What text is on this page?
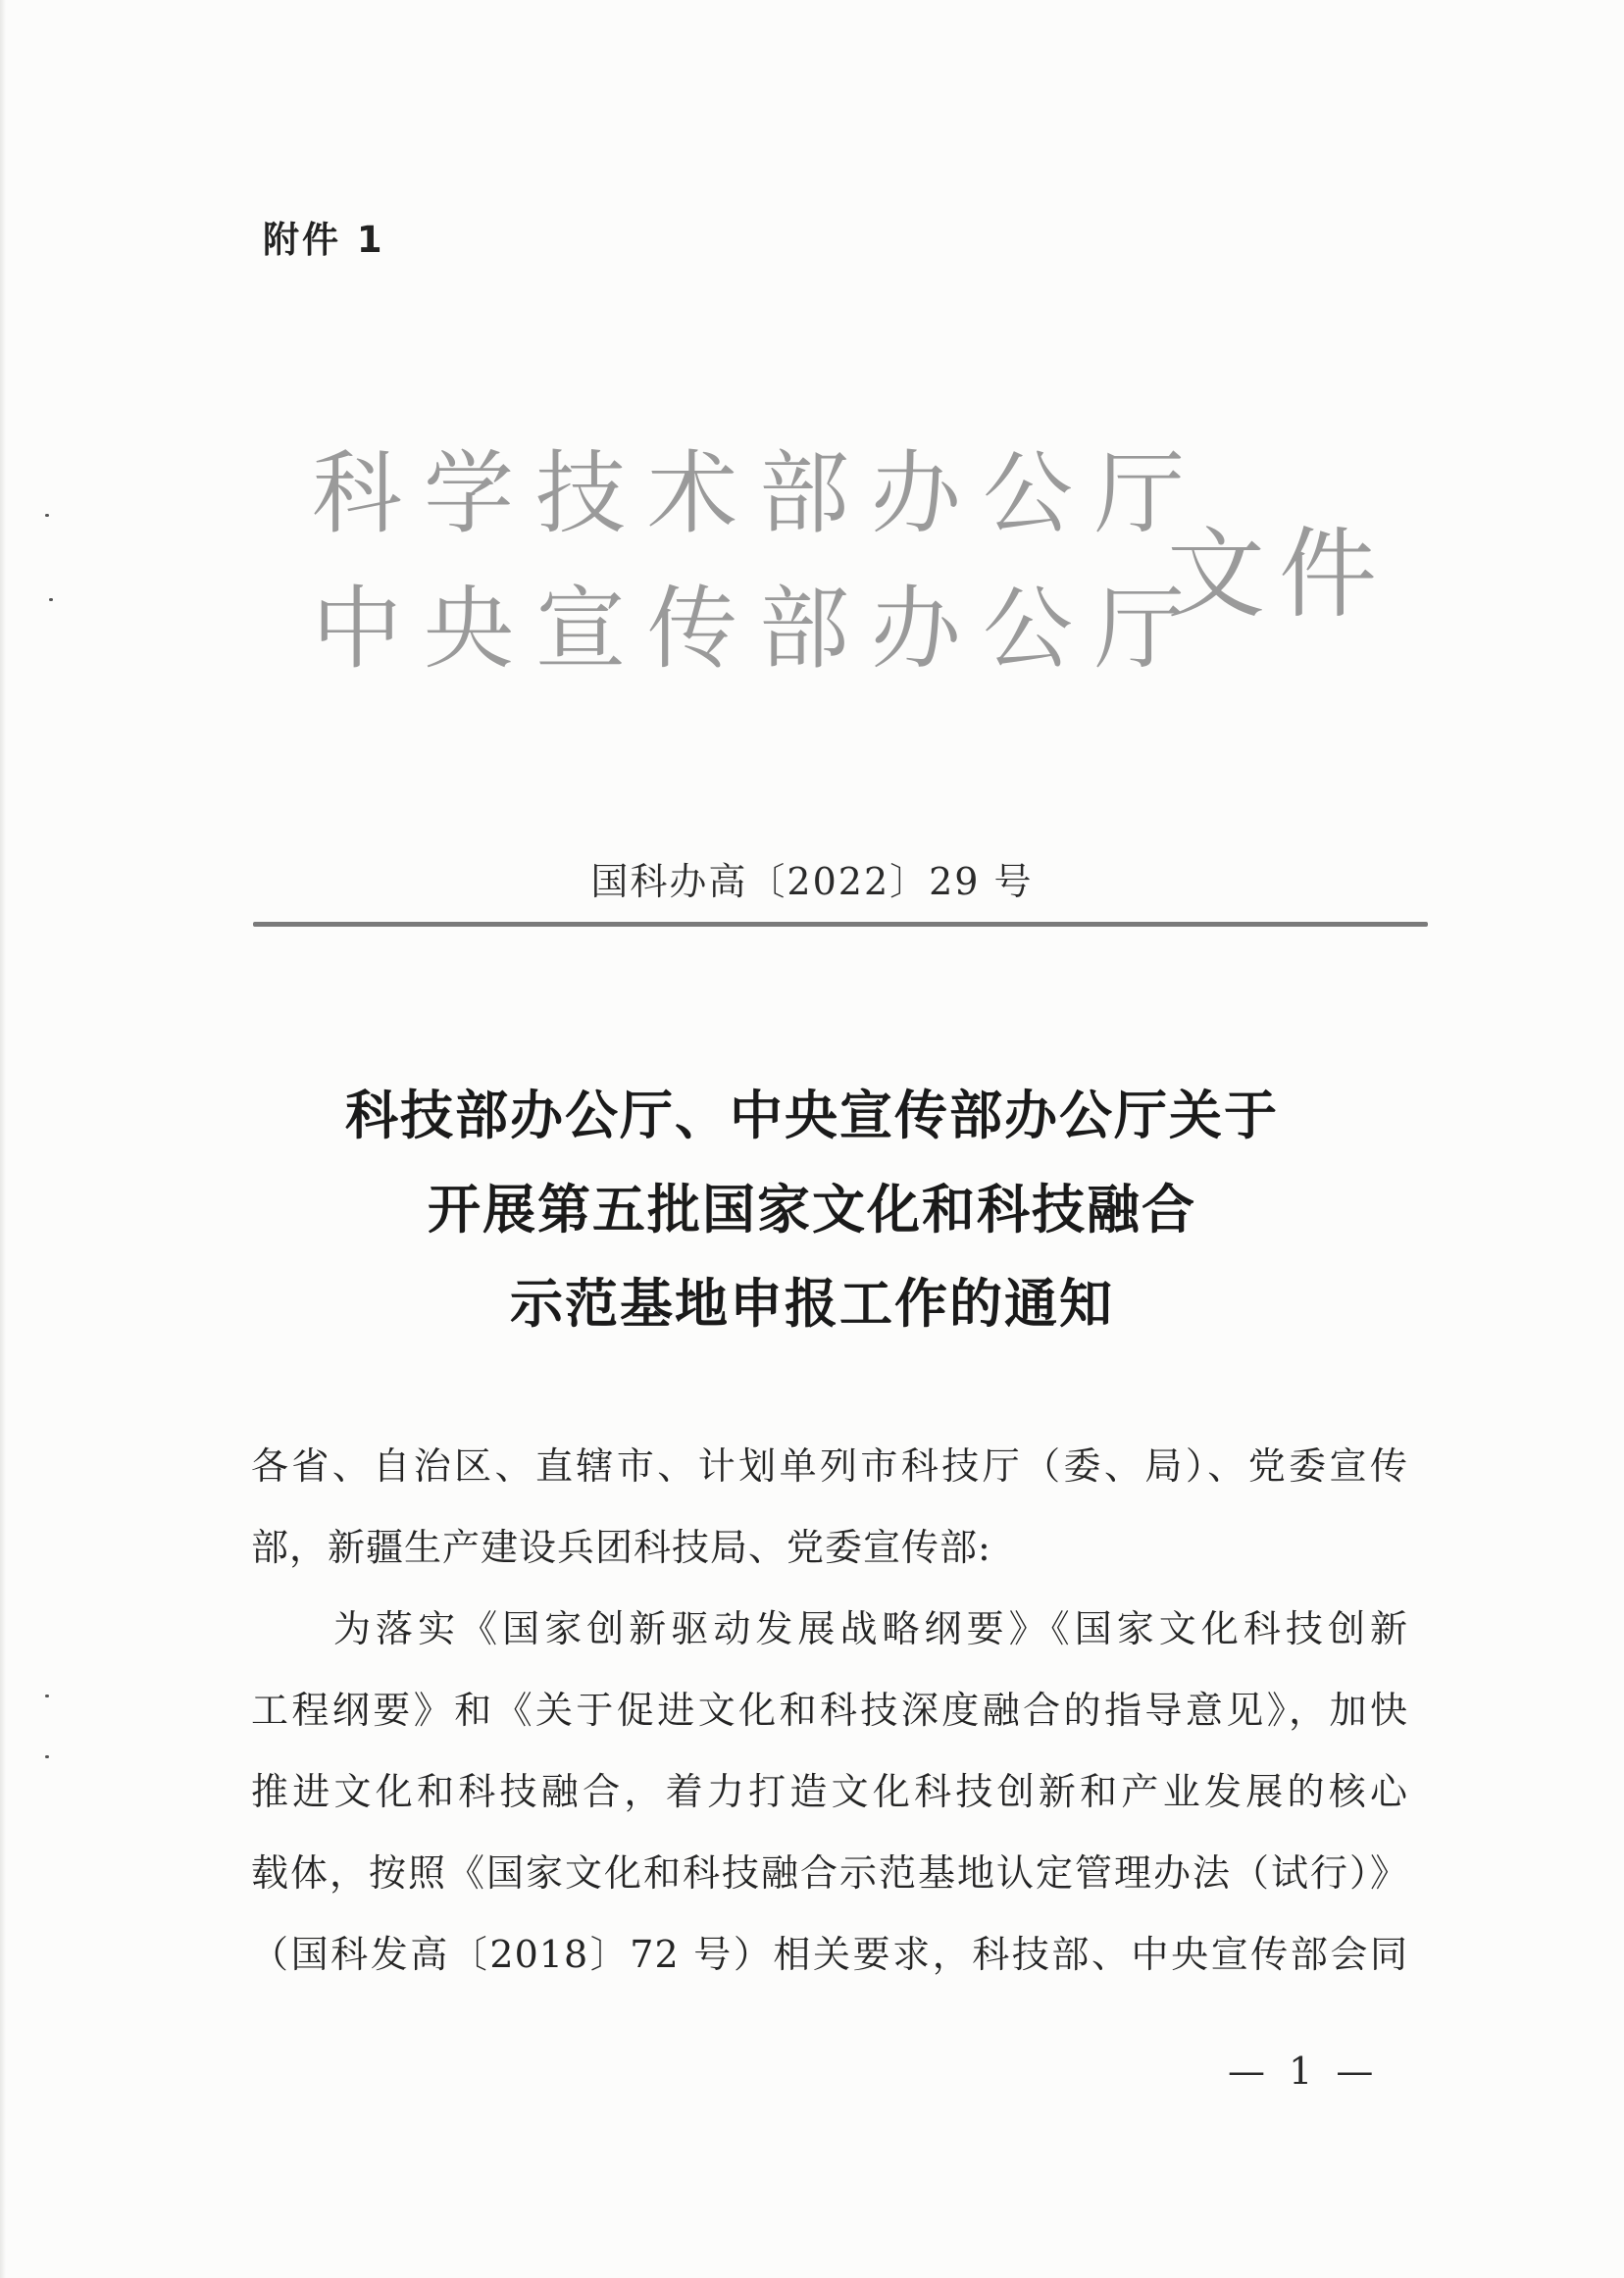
附件 1
科学技术部办公厅
中央宣传部办公厅
文件
国科办高〔2022〕29 号
科技部办公厅、中央宣传部办公厅关于
开展第五批国家文化和科技融合
示范基地申报工作的通知
各省、自治区、直辖市、计划单列市科技厅（委、局）、党委宣传
部，新疆生产建设兵团科技局、党委宣传部:
为落实《国家创新驱动发展战略纲要》《国家文化科技创新
工程纲要》和《关于促进文化和科技深度融合的指导意见》，加快
推进文化和科技融合，着力打造文化科技创新和产业发展的核心
载体，按照《国家文化和科技融合示范基地认定管理办法（试行）》
（国科发高〔2018〕72 号）相关要求，科技部、中央宣传部会同
— 1 —
